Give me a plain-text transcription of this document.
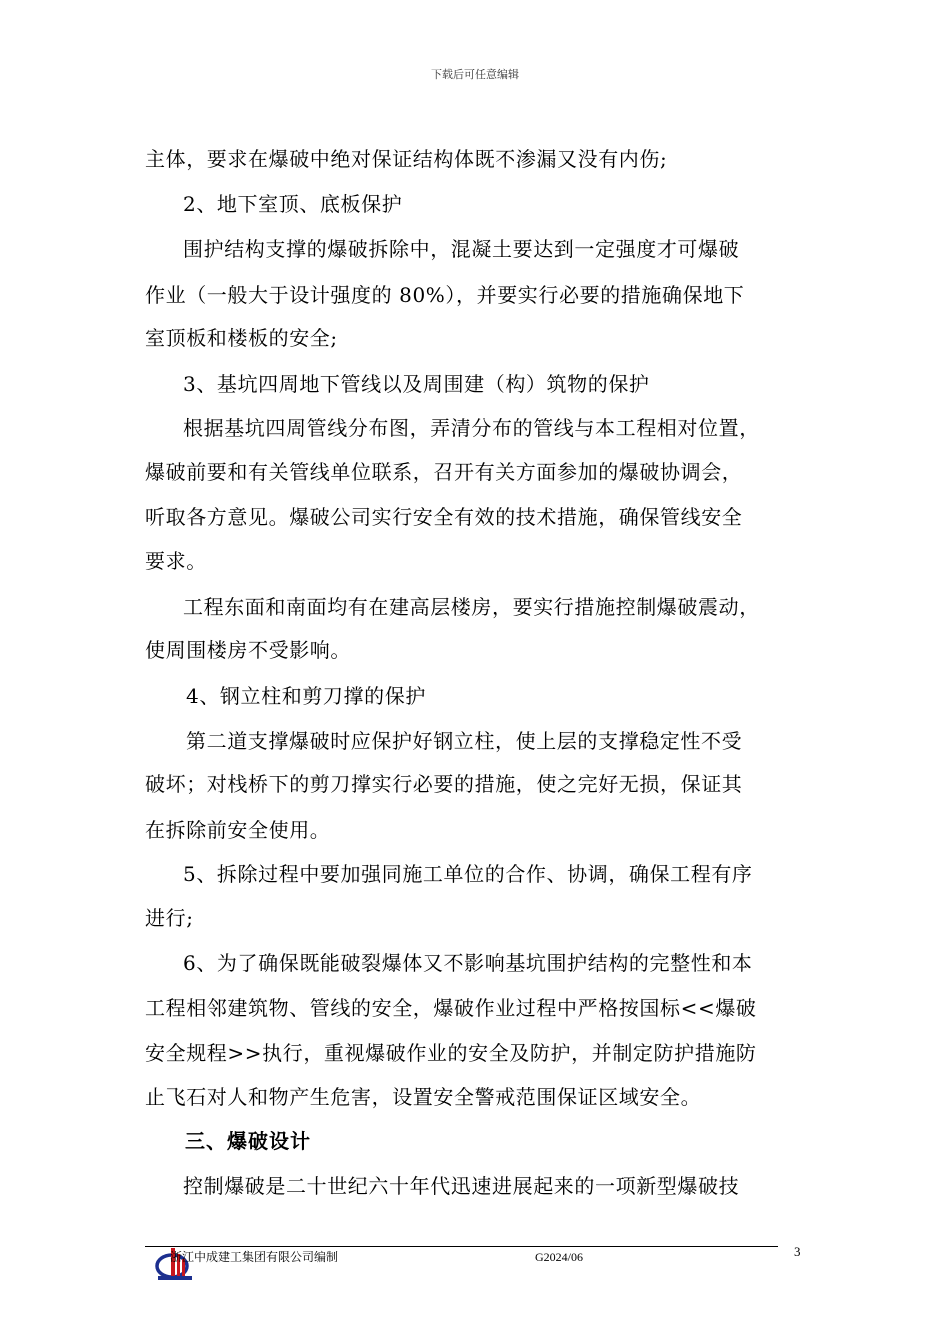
下载后可任意编辑
主体，要求在爆破中绝对保证结构体既不渗漏又没有内伤;
2、地下室顶、底板保护
围护结构支撑的爆破拆除中，混凝土要达到一定强度才可爆破
作业（一般大于设计强度的 80%），并要实行必要的措施确保地下
室顶板和楼板的安全;
3、基坑四周地下管线以及周围建（构）筑物的保护
根据基坑四周管线分布图，弄清分布的管线与本工程相对位置，
爆破前要和有关管线单位联系，召开有关方面参加的爆破协调会，
听取各方意见。爆破公司实行安全有效的技术措施，确保管线安全
要求。
工程东面和南面均有在建高层楼房，要实行措施控制爆破震动，
使周围楼房不受影响。
4、钢立柱和剪刀撑的保护
第二道支撑爆破时应保护好钢立柱，使上层的支撑稳定性不受
破坏；对栈桥下的剪刀撑实行必要的措施，使之完好无损，保证其
在拆除前安全使用。
5、拆除过程中要加强同施工单位的合作、协调，确保工程有序
进行;
6、为了确保既能破裂爆体又不影响基坑围护结构的完整性和本
工程相邻建筑物、管线的安全，爆破作业过程中严格按国标<<爆破
安全规程>>执行，重视爆破作业的安全及防护，并制定防护措施防
止飞石对人和物产生危害，设置安全警戒范围保证区域安全。
三、爆破设计
控制爆破是二十世纪六十年代迅速进展起来的一项新型爆破技
浙江中成建工集团有限公司编制	G2024/06	3
